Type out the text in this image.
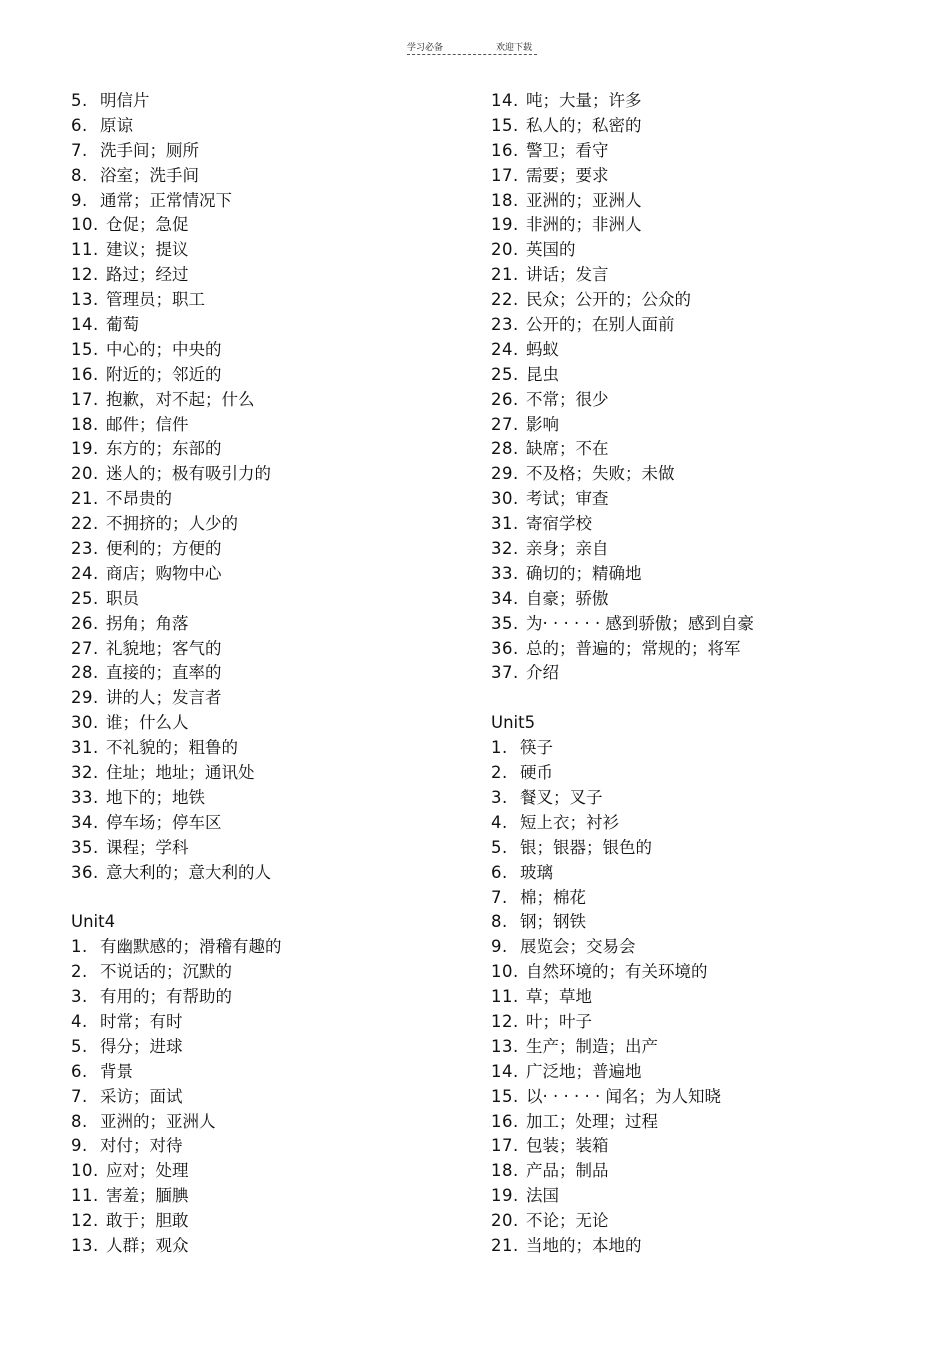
学习必备	欢迎下载
5. 明信片
6. 原谅
7. 洗手间；厕所
8. 浴室；洗手间
9. 通常；正常情况下
10. 仓促；急促
11. 建议；提议
12. 路过；经过
13. 管理员；职工
14. 葡萄
15. 中心的；中央的
16. 附近的；邻近的
17. 抱歉，对不起；什么
18. 邮件；信件
19. 东方的；东部的
20. 迷人的；极有吸引力的
21. 不昂贵的
22. 不拥挤的；人少的
23. 便利的；方便的
24. 商店；购物中心
25. 职员
26. 拐角；角落
27. 礼貌地；客气的
28. 直接的；直率的
29. 讲的人；发言者
30. 谁；什么人
31. 不礼貌的；粗鲁的
32. 住址；地址；通讯处
33. 地下的；地铁
34. 停车场；停车区
35. 课程；学科
36. 意大利的；意大利的人
Unit4
1. 有幽默感的；滑稽有趣的
2. 不说话的；沉默的
3. 有用的；有帮助的
4. 时常；有时
5. 得分；进球
6. 背景
7. 采访；面试
8. 亚洲的；亚洲人
9. 对付；对待
10. 应对；处理
11. 害羞；腼腆
12. 敢于；胆敢
13. 人群；观众
14. 吨；大量；许多
15. 私人的；私密的
16. 警卫；看守
17. 需要；要求
18. 亚洲的；亚洲人
19. 非洲的；非洲人
20. 英国的
21. 讲话；发言
22. 民众；公开的；公众的
23. 公开的；在别人面前
24. 蚂蚁
25. 昆虫
26. 不常；很少
27. 影响
28. 缺席；不在
29. 不及格；失败；未做
30. 考试；审查
31. 寄宿学校
32. 亲身；亲自
33. 确切的；精确地
34. 自豪；骄傲
35. 为· · · · · · 感到骄傲；感到自豪
36. 总的；普遍的；常规的；将军
37. 介绍
Unit5
1. 筷子
2. 硬币
3. 餐叉；叉子
4. 短上衣；衬衫
5. 银；银器；银色的
6. 玻璃
7. 棉；棉花
8. 钢；钢铁
9. 展览会；交易会
10. 自然环境的；有关环境的
11. 草；草地
12. 叶；叶子
13. 生产；制造；出产
14. 广泛地；普遍地
15. 以· · · · · · 闻名；为人知晓
16. 加工；处理；过程
17. 包装；装箱
18. 产品；制品
19. 法国
20. 不论；无论
21. 当地的；本地的
